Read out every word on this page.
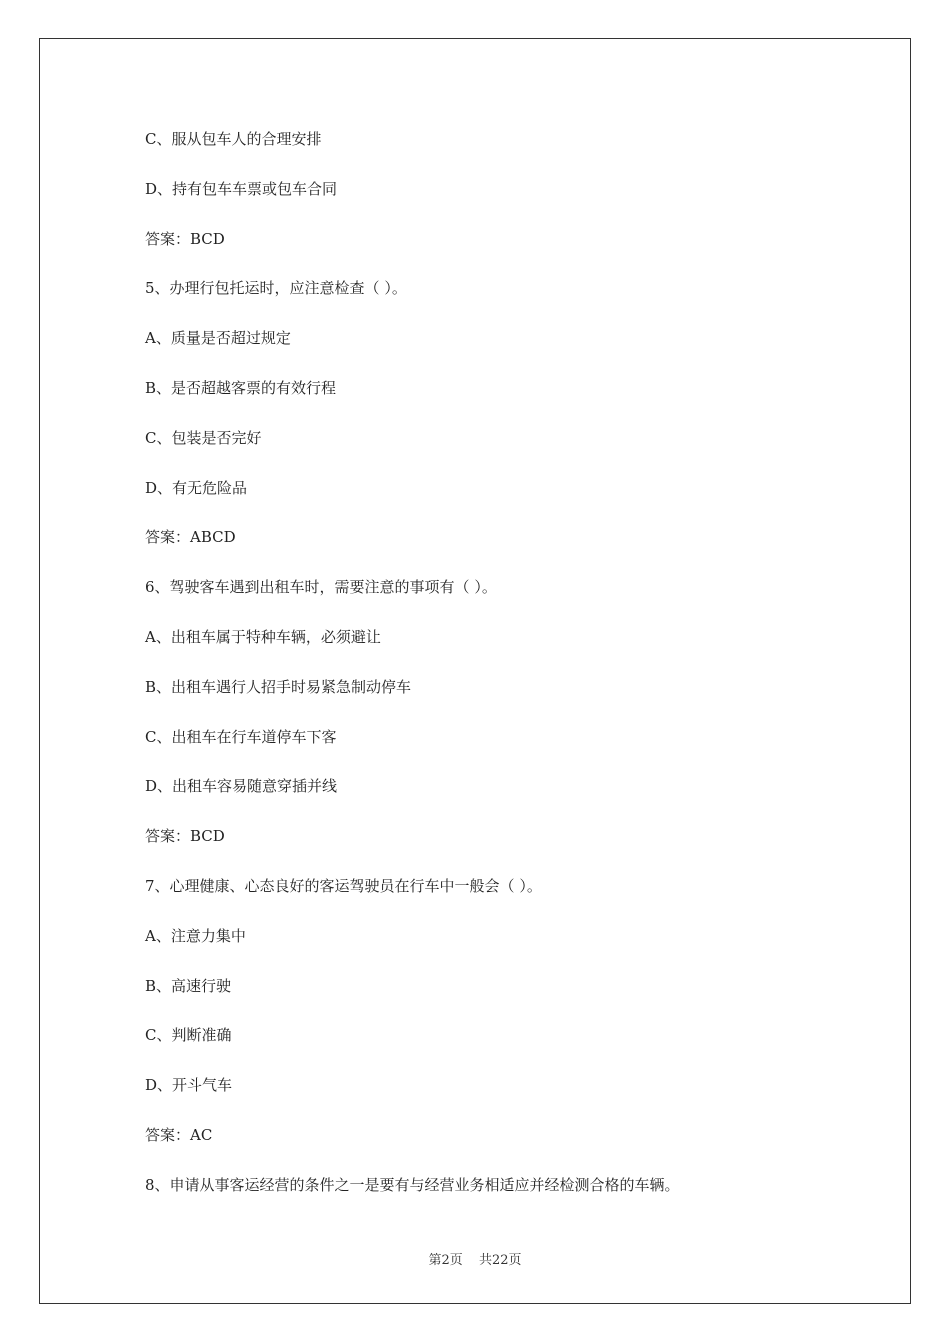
C、服从包车人的合理安排
D、持有包车车票或包车合同
答案：BCD
5、办理行包托运时，应注意检查（ ）。
A、质量是否超过规定
B、是否超越客票的有效行程
C、包装是否完好
D、有无危险品
答案：ABCD
6、驾驶客车遇到出租车时，需要注意的事项有（ ）。
A、出租车属于特种车辆，必须避让
B、出租车遇行人招手时易紧急制动停车
C、出租车在行车道停车下客
D、出租车容易随意穿插并线
答案：BCD
7、心理健康、心态良好的客运驾驶员在行车中一般会（ ）。
A、注意力集中
B、高速行驶
C、判断准确
D、开斗气车
答案：AC
8、申请从事客运经营的条件之一是要有与经营业务相适应并经检测合格的车辆。
第2页 共22页
